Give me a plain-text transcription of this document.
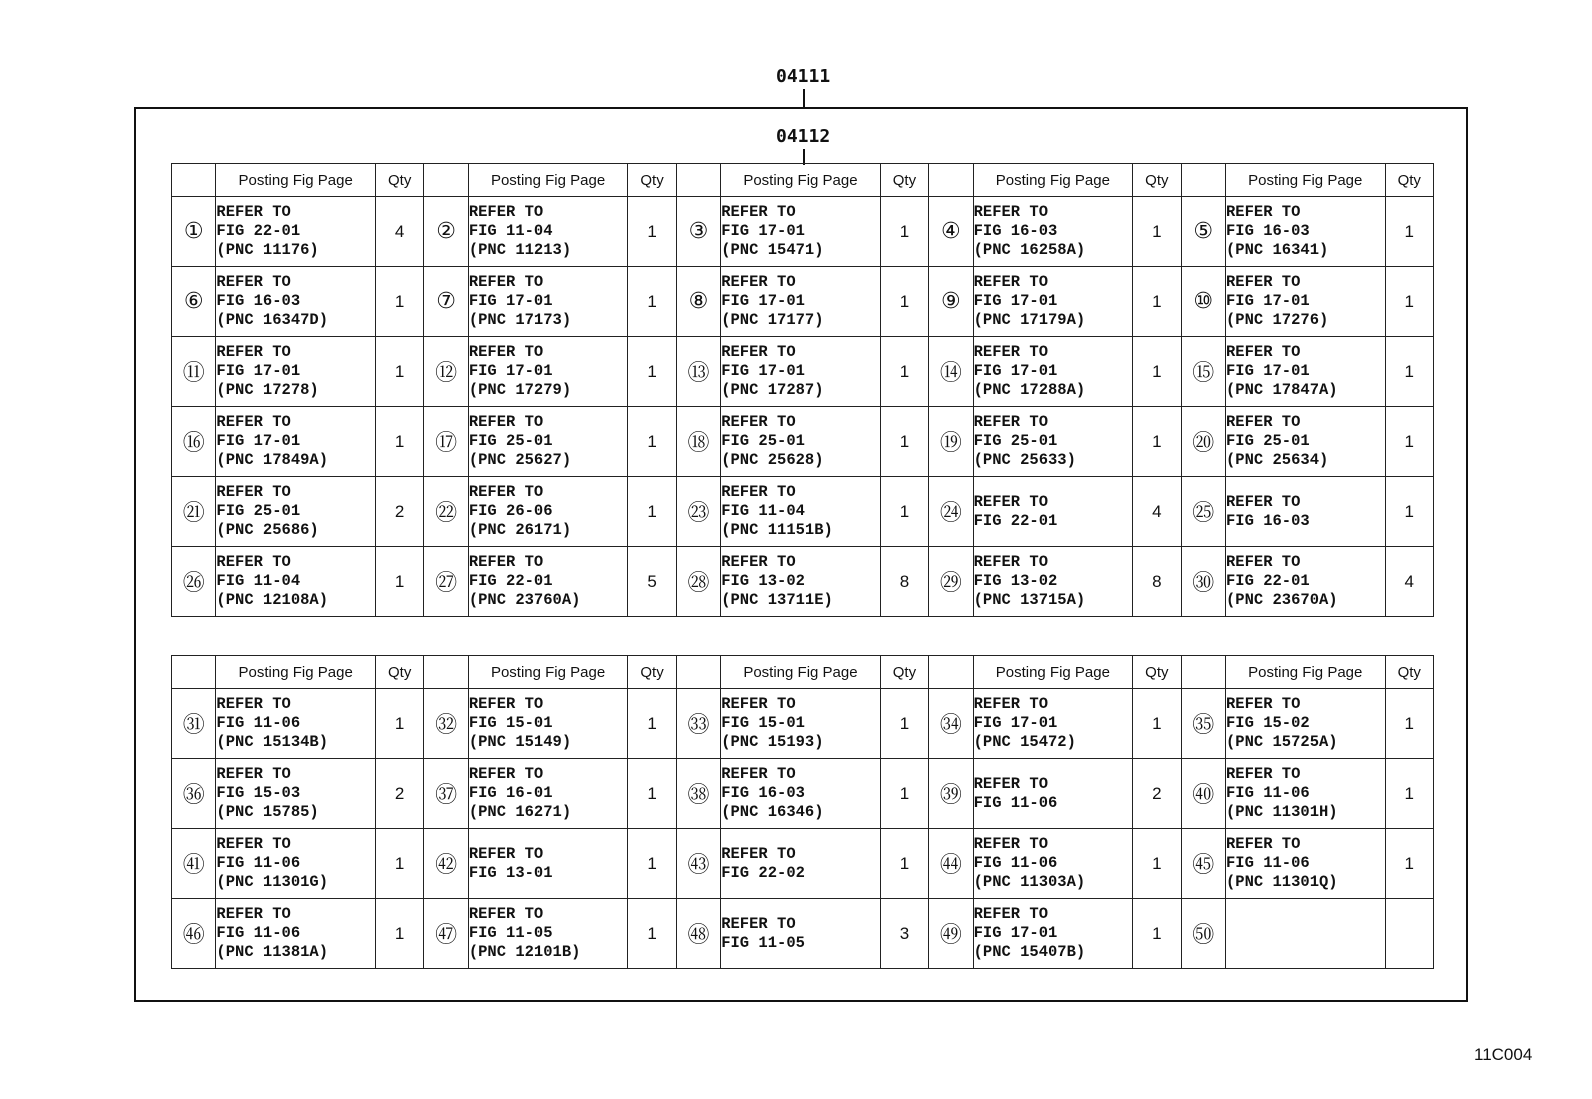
04111
04112
	Posting Fig Page	Qty		Posting Fig Page	Qty		Posting Fig Page	Qty		Posting Fig Page	Qty		Posting Fig Page	Qty
①	REFER TO
FIG 22-01
(PNC 11176)	4	②	REFER TO
FIG 11-04
(PNC 11213)	1	③	REFER TO
FIG 17-01
(PNC 15471)	1	④	REFER TO
FIG 16-03
(PNC 16258A)	1	⑤	REFER TO
FIG 16-03
(PNC 16341)	1
⑥	REFER TO
FIG 16-03
(PNC 16347D)	1	⑦	REFER TO
FIG 17-01
(PNC 17173)	1	⑧	REFER TO
FIG 17-01
(PNC 17177)	1	⑨	REFER TO
FIG 17-01
(PNC 17179A)	1	⑩	REFER TO
FIG 17-01
(PNC 17276)	1
⑪	REFER TO
FIG 17-01
(PNC 17278)	1	⑫	REFER TO
FIG 17-01
(PNC 17279)	1	⑬	REFER TO
FIG 17-01
(PNC 17287)	1	⑭	REFER TO
FIG 17-01
(PNC 17288A)	1	⑮	REFER TO
FIG 17-01
(PNC 17847A)	1
⑯	REFER TO
FIG 17-01
(PNC 17849A)	1	⑰	REFER TO
FIG 25-01
(PNC 25627)	1	⑱	REFER TO
FIG 25-01
(PNC 25628)	1	⑲	REFER TO
FIG 25-01
(PNC 25633)	1	⑳	REFER TO
FIG 25-01
(PNC 25634)	1
㉑	REFER TO
FIG 25-01
(PNC 25686)	2	㉒	REFER TO
FIG 26-06
(PNC 26171)	1	㉓	REFER TO
FIG 11-04
(PNC 11151B)	1	㉔	REFER TO
FIG 22-01	4	㉕	REFER TO
FIG 16-03	1
㉖	REFER TO
FIG 11-04
(PNC 12108A)	1	㉗	REFER TO
FIG 22-01
(PNC 23760A)	5	㉘	REFER TO
FIG 13-02
(PNC 13711E)	8	㉙	REFER TO
FIG 13-02
(PNC 13715A)	8	㉚	REFER TO
FIG 22-01
(PNC 23670A)	4
	Posting Fig Page	Qty		Posting Fig Page	Qty		Posting Fig Page	Qty		Posting Fig Page	Qty		Posting Fig Page	Qty
㉛	REFER TO
FIG 11-06
(PNC 15134B)	1	㉜	REFER TO
FIG 15-01
(PNC 15149)	1	㉝	REFER TO
FIG 15-01
(PNC 15193)	1	㉞	REFER TO
FIG 17-01
(PNC 15472)	1	㉟	REFER TO
FIG 15-02
(PNC 15725A)	1
㊱	REFER TO
FIG 15-03
(PNC 15785)	2	㊲	REFER TO
FIG 16-01
(PNC 16271)	1	㊳	REFER TO
FIG 16-03
(PNC 16346)	1	㊴	REFER TO
FIG 11-06	2	㊵	REFER TO
FIG 11-06
(PNC 11301H)	1
㊶	REFER TO
FIG 11-06
(PNC 11301G)	1	㊷	REFER TO
FIG 13-01	1	㊸	REFER TO
FIG 22-02	1	㊹	REFER TO
FIG 11-06
(PNC 11303A)	1	㊺	REFER TO
FIG 11-06
(PNC 11301Q)	1
㊻	REFER TO
FIG 11-06
(PNC 11381A)	1	㊼	REFER TO
FIG 11-05
(PNC 12101B)	1	㊽	REFER TO
FIG 11-05	3	㊾	REFER TO
FIG 17-01
(PNC 15407B)	1	㊿	

11C004
